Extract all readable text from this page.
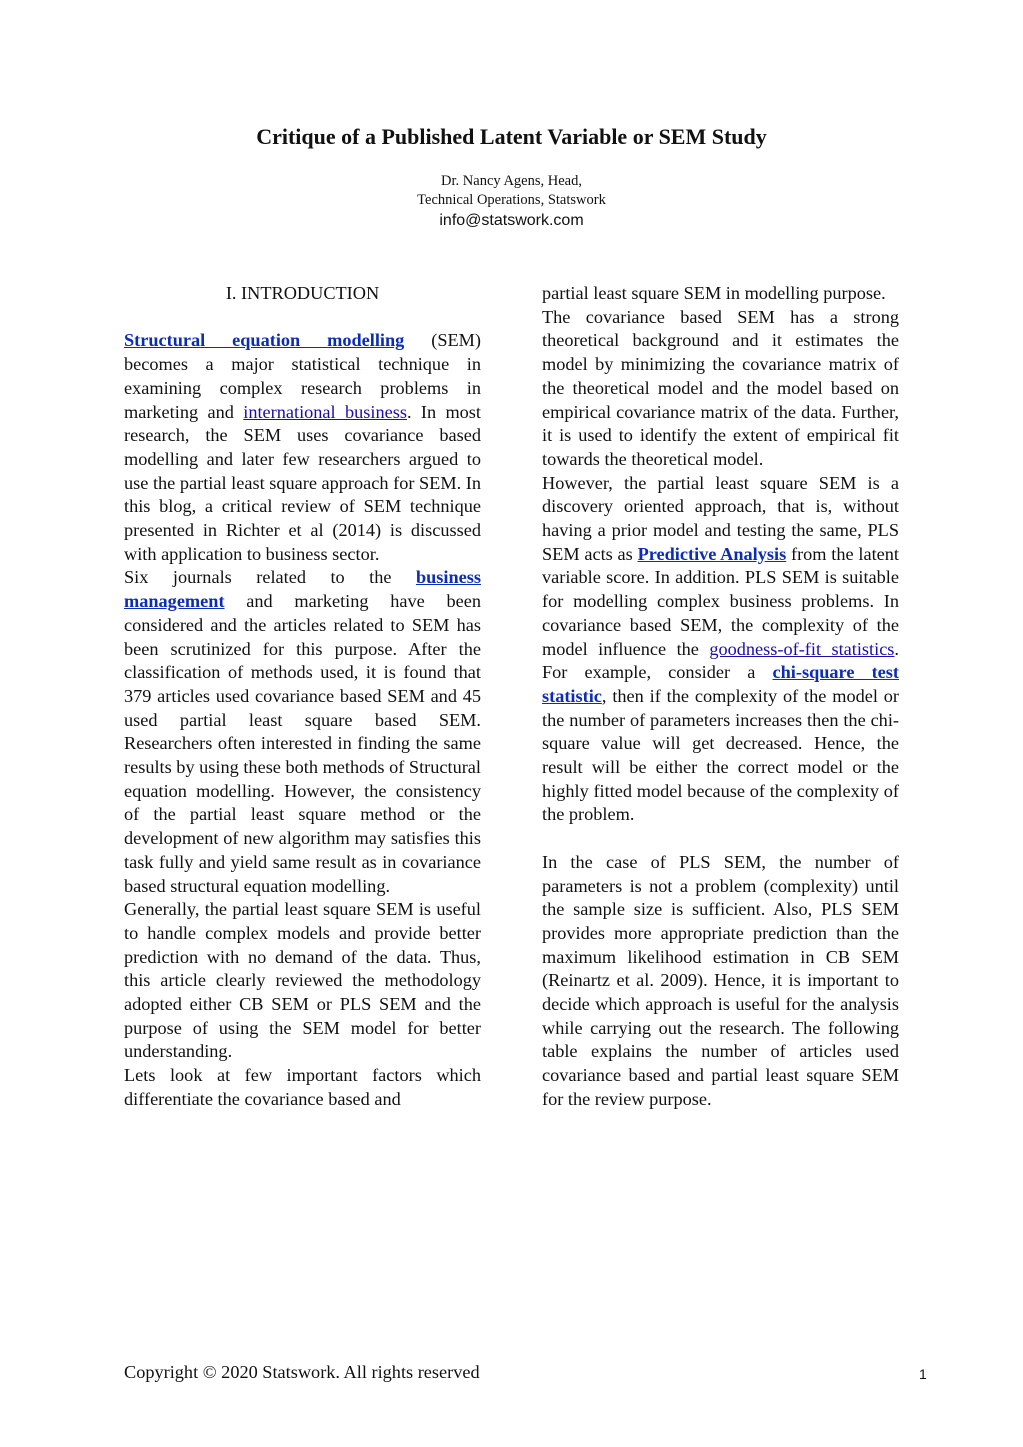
Critique of a Published Latent Variable or SEM Study
Dr. Nancy Agens, Head,
Technical Operations, Statswork
info@statswork.com

I. INTRODUCTION

Structural equation modelling (SEM) becomes a major statistical technique in examining complex research problems in marketing and international business. In most research, the SEM uses covariance based modelling and later few researchers argued to use the partial least square approach for SEM. In this blog, a critical review of SEM technique presented in Richter et al (2014) is discussed with application to business sector.

Six journals related to the business management and marketing have been considered and the articles related to SEM has been scrutinized for this purpose. After the classification of methods used, it is found that 379 articles used covariance based SEM and 45 used partial least square based SEM. Researchers often interested in finding the same results by using these both methods of Structural equation modelling. However, the consistency of the partial least square method or the development of new algorithm may satisfies this task fully and yield same result as in covariance based structural equation modelling.

Generally, the partial least square SEM is useful to handle complex models and provide better prediction with no demand of the data. Thus, this article clearly reviewed the methodology adopted either CB SEM or PLS SEM and the purpose of using the SEM model for better understanding.

Lets look at few important factors which differentiate the covariance based and

partial least square SEM in modelling purpose.

The covariance based SEM has a strong theoretical background and it estimates the model by minimizing the covariance matrix of the theoretical model and the model based on empirical covariance matrix of the data. Further, it is used to identify the extent of empirical fit towards the theoretical model.

However, the partial least square SEM is a discovery oriented approach, that is, without having a prior model and testing the same, PLS SEM acts as Predictive Analysis from the latent variable score. In addition. PLS SEM is suitable for modelling complex business problems. In covariance based SEM, the complexity of the model influence the goodness-of-fit statistics. For example, consider a chi-square test statistic, then if the complexity of the model or the number of parameters increases then the chi-square value will get decreased. Hence, the result will be either the correct model or the highly fitted model because of the complexity of the problem.

In the case of PLS SEM, the number of parameters is not a problem (complexity) until the sample size is sufficient. Also, PLS SEM provides more appropriate prediction than the maximum likelihood estimation in CB SEM (Reinartz et al. 2009). Hence, it is important to decide which approach is useful for the analysis while carrying out the research. The following table explains the number of articles used covariance based and partial least square SEM for the review purpose.

Copyright © 2020 Statswork. All rights reserved	1
